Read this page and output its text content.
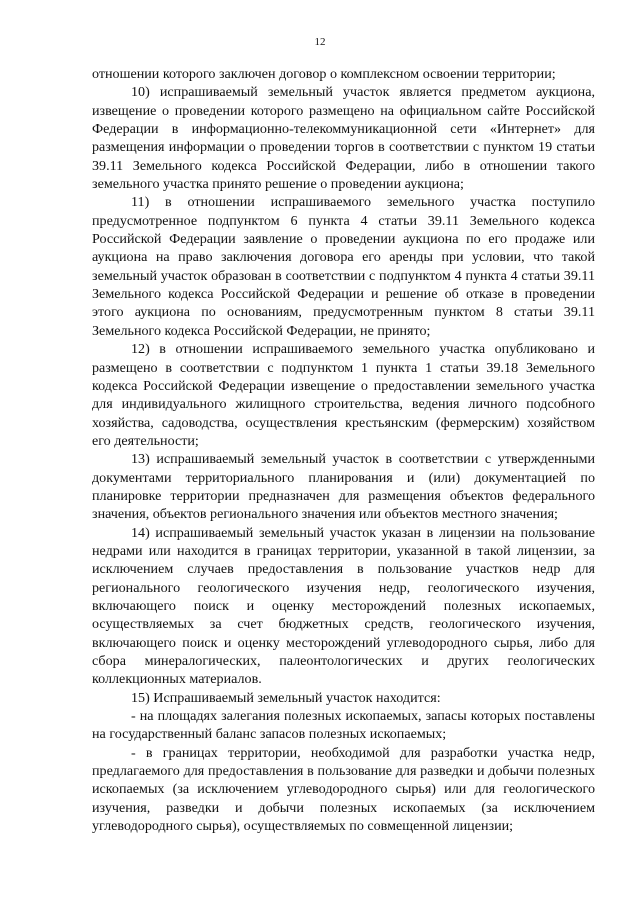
12

отношении которого заключен договор о комплексном освоении территории;

10) испрашиваемый земельный участок является предметом аукциона, извещение о проведении которого размещено на официальном сайте Российской Федерации в информационно-телекоммуникационной сети «Интернет» для размещения информации о проведении торгов в соответствии с пунктом 19 статьи 39.11 Земельного кодекса Российской Федерации, либо в отношении такого земельного участка принято решение о проведении аукциона;

11) в отношении испрашиваемого земельного участка поступило предусмотренное подпунктом 6 пункта 4 статьи 39.11 Земельного кодекса Российской Федерации заявление о проведении аукциона по его продаже или аукциона на право заключения договора его аренды при условии, что такой земельный участок образован в соответствии с подпунктом 4 пункта 4 статьи 39.11 Земельного кодекса Российской Федерации и решение об отказе в проведении этого аукциона по основаниям, предусмотренным пунктом 8 статьи 39.11 Земельного кодекса Российской Федерации, не принято;

12) в отношении испрашиваемого земельного участка опубликовано и размещено в соответствии с подпунктом 1 пункта 1 статьи 39.18 Земельного кодекса Российской Федерации извещение о предоставлении земельного участка для индивидуального жилищного строительства, ведения личного подсобного хозяйства, садоводства, осуществления крестьянским (фермерским) хозяйством его деятельности;

13) испрашиваемый земельный участок в соответствии с утвержденными документами территориального планирования и (или) документацией по планировке территории предназначен для размещения объектов федерального значения, объектов регионального значения или объектов местного значения;

14) испрашиваемый земельный участок указан в лицензии на пользование недрами или находится в границах территории, указанной в такой лицензии, за исключением случаев предоставления в пользование участков недр для регионального геологического изучения недр, геологического изучения, включающего поиск и оценку месторождений полезных ископаемых, осуществляемых за счет бюджетных средств, геологического изучения, включающего поиск и оценку месторождений углеводородного сырья, либо для сбора минералогических, палеонтологических и других геологических коллекционных материалов.

15) Испрашиваемый земельный участок находится:

- на площадях залегания полезных ископаемых, запасы которых поставлены на государственный баланс запасов полезных ископаемых;

- в границах территории, необходимой для разработки участка недр, предлагаемого для предоставления в пользование для разведки и добычи полезных ископаемых (за исключением углеводородного сырья) или для геологического изучения, разведки и добычи полезных ископаемых (за исключением углеводородного сырья), осуществляемых по совмещенной лицензии;
